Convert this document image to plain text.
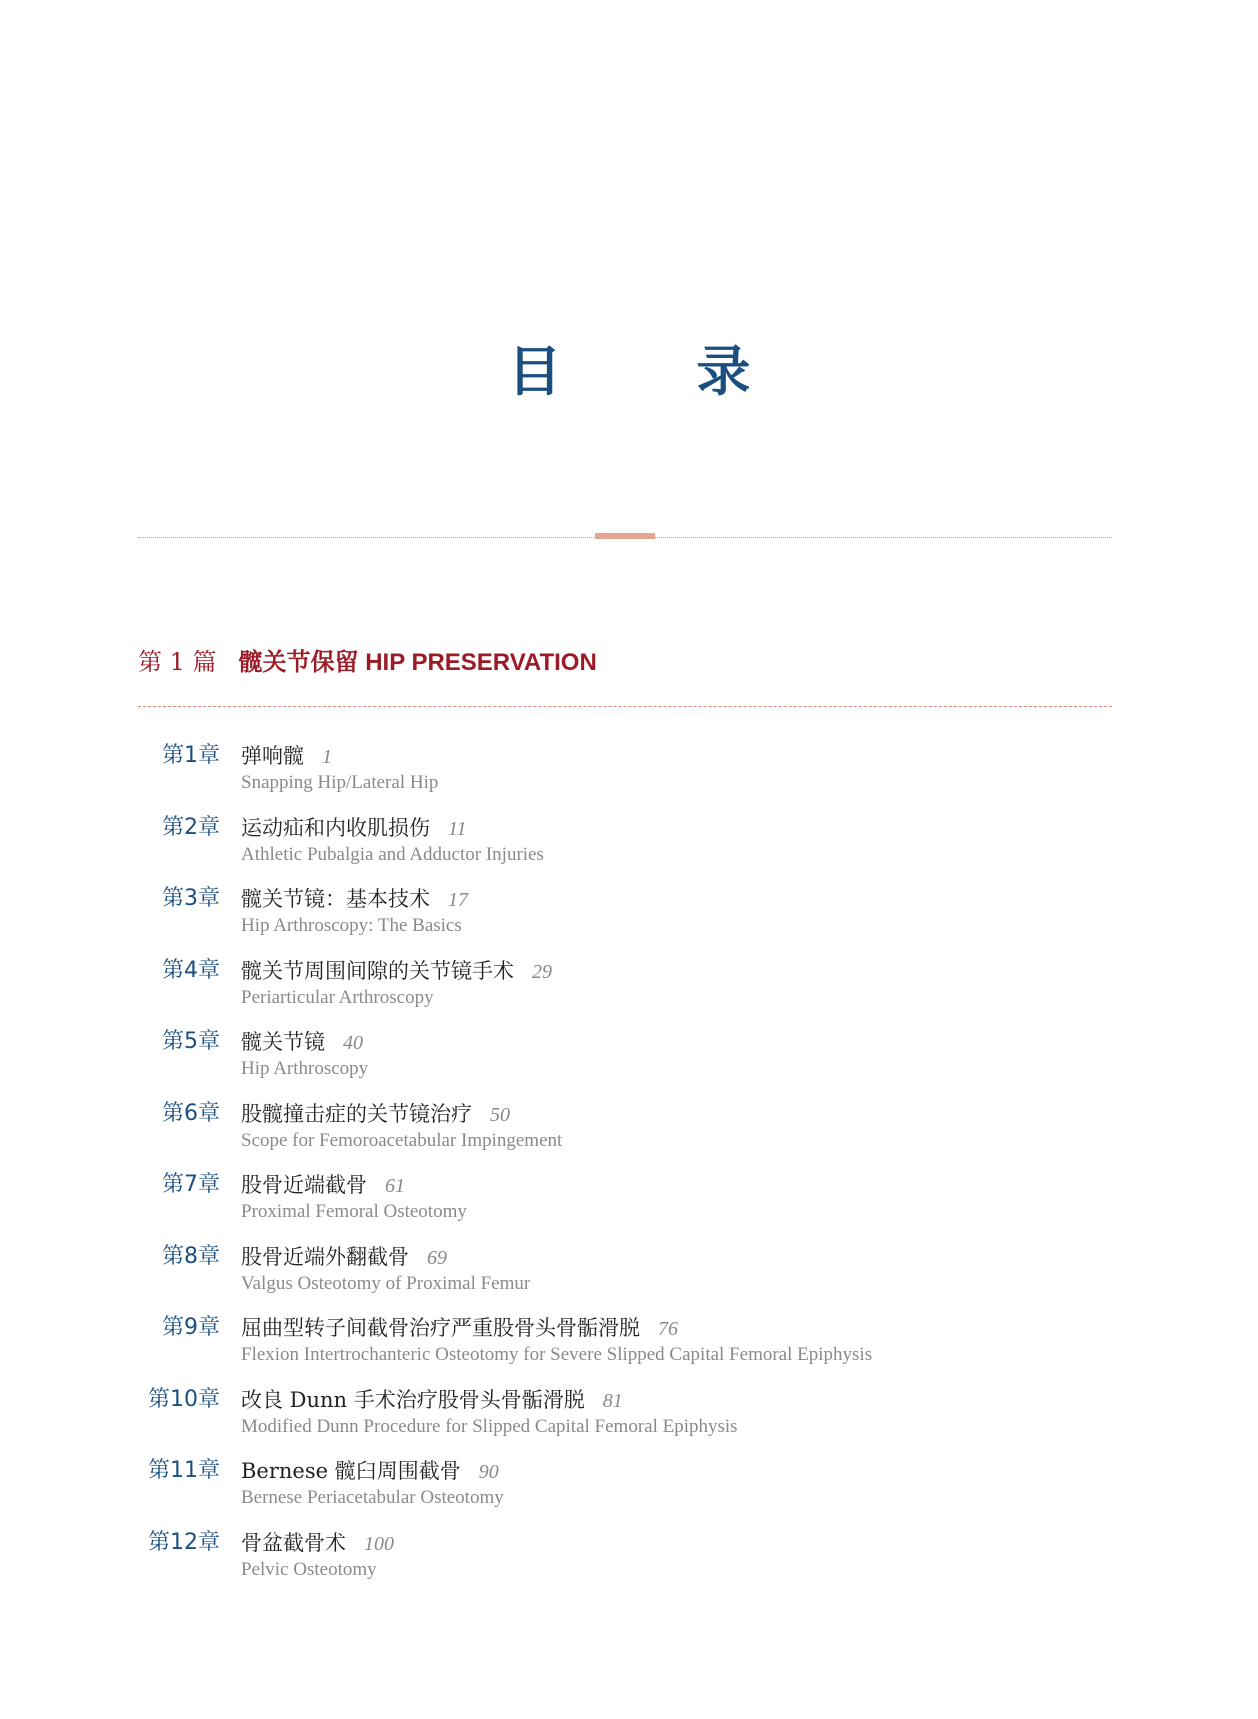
目 录
第 1 篇 髋关节保留 HIP PRESERVATION
第1章 弹响髋 1
Snapping Hip/Lateral Hip
第2章 运动疝和内收肌损伤 11
Athletic Pubalgia and Adductor Injuries
第3章 髋关节镜：基本技术 17
Hip Arthroscopy: The Basics
第4章 髋关节周围间隙的关节镜手术 29
Periarticular Arthroscopy
第5章 髋关节镜 40
Hip Arthroscopy
第6章 股髋撞击症的关节镜治疗 50
Scope for Femoroacetabular Impingement
第7章 股骨近端截骨 61
Proximal Femoral Osteotomy
第8章 股骨近端外翻截骨 69
Valgus Osteotomy of Proximal Femur
第9章 屈曲型转子间截骨治疗严重股骨头骨骺滑脱 76
Flexion Intertrochanteric Osteotomy for Severe Slipped Capital Femoral Epiphysis
第10章 改良 Dunn 手术治疗股骨头骨骺滑脱 81
Modified Dunn Procedure for Slipped Capital Femoral Epiphysis
第11章 Bernese 髋臼周围截骨 90
Bernese Periacetabular Osteotomy
第12章 骨盆截骨术 100
Pelvic Osteotomy
